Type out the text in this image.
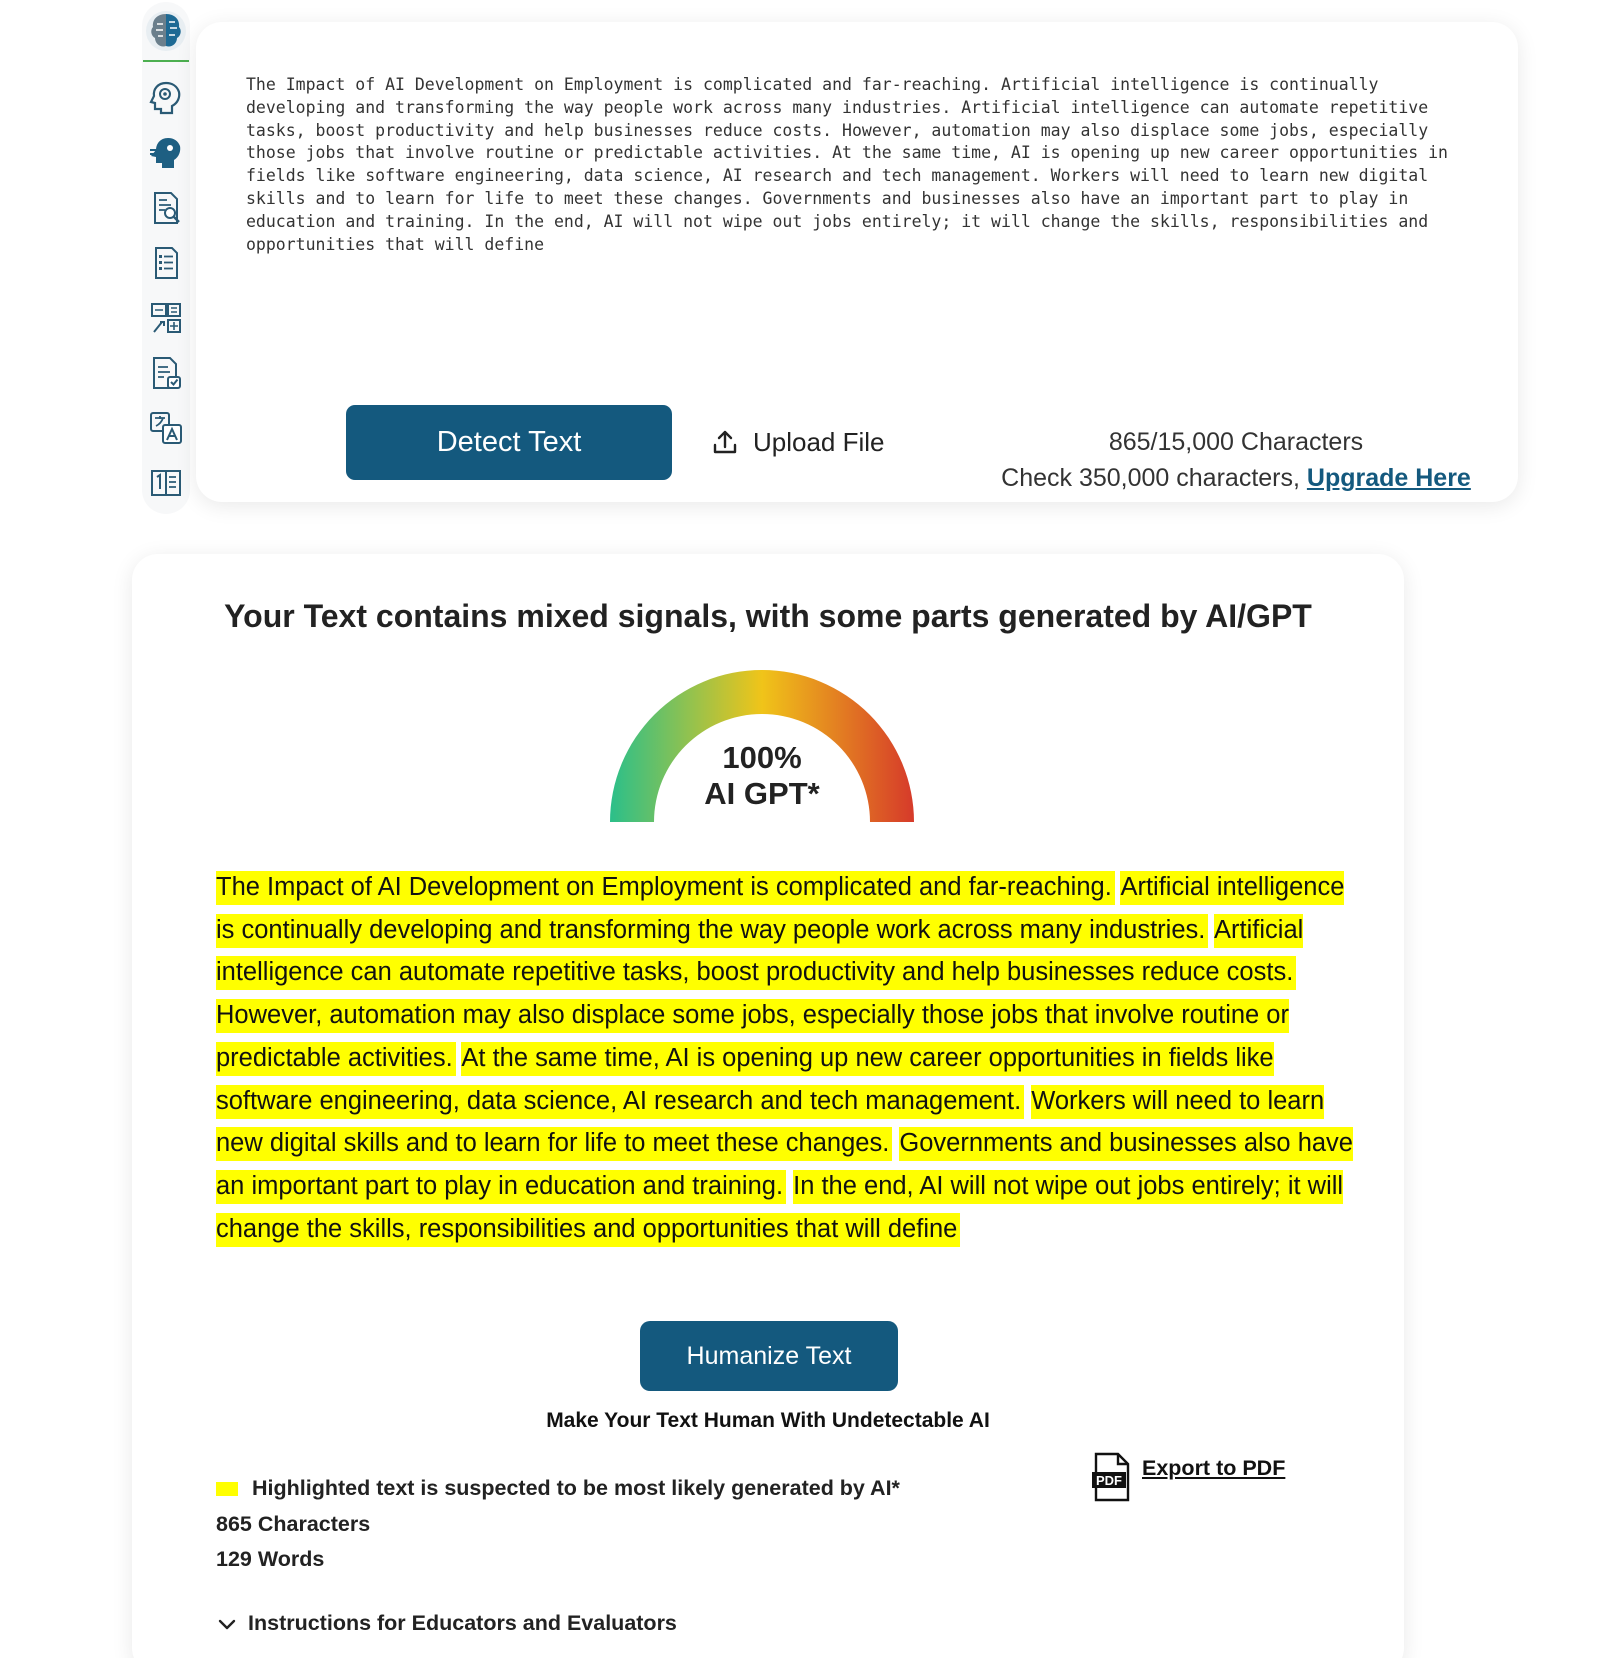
The Impact of AI Development on Employment is complicated and far-reaching. Artificial intelligence is continually developing and transforming the way people work across many industries. Artificial intelligence can automate repetitive tasks, boost productivity and help businesses reduce costs. However, automation may also displace some jobs, especially those jobs that involve routine or predictable activities. At the same time, AI is opening up new career opportunities in fields like software engineering, data science, AI research and tech management. Workers will need to learn new digital skills and to learn for life to meet these changes. Governments and businesses also have an important part to play in education and training. In the end, AI will not wipe out jobs entirely; it will change the skills, responsibilities and opportunities that will define
Detect Text	Upload File	865/15,000 Characters
Check 350,000 characters, Upgrade Here
Your Text contains mixed signals, with some parts generated by AI/GPT
100%
AI GPT*
The Impact of AI Development on Employment is complicated and far-reaching. Artificial intelligence is continually developing and transforming the way people work across many industries. Artificial intelligence can automate repetitive tasks, boost productivity and help businesses reduce costs. However, automation may also displace some jobs, especially those jobs that involve routine or predictable activities. At the same time, AI is opening up new career opportunities in fields like software engineering, data science, AI research and tech management. Workers will need to learn new digital skills and to learn for life to meet these changes. Governments and businesses also have an important part to play in education and training. In the end, AI will not wipe out jobs entirely; it will change the skills, responsibilities and opportunities that will define
Humanize Text
Make Your Text Human With Undetectable AI
Highlighted text is suspected to be most likely generated by AI*
865 Characters
129 Words
PDF
Export to PDF
Instructions for Educators and Evaluators
